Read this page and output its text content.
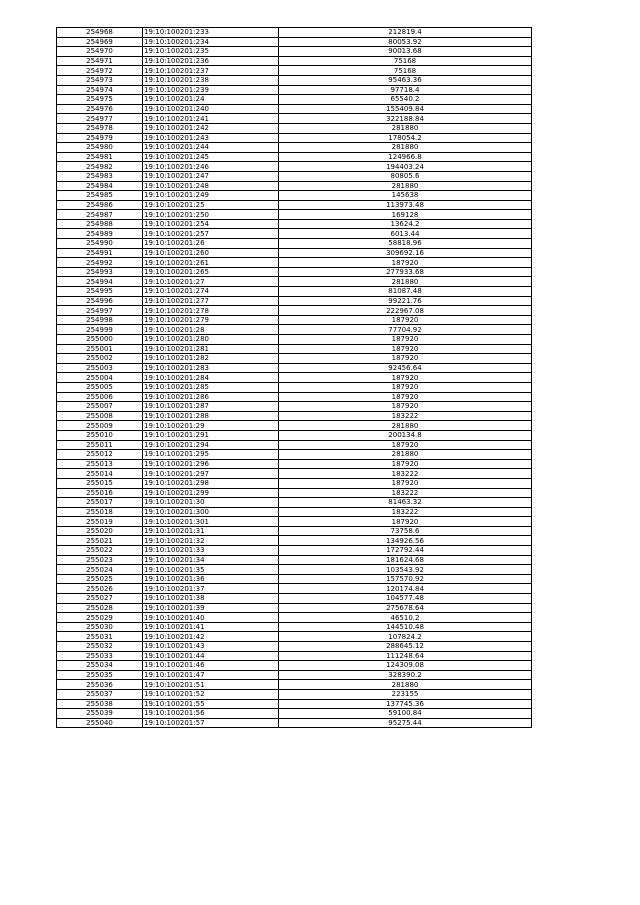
254968	19:10:100201:233	212819.4
254969	19:10:100201:234	80053.92
254970	19:10:100201:235	90013.68
254971	19:10:100201:236	75168
254972	19:10:100201:237	75168
254973	19:10:100201:238	95463.36
254974	19:10:100201:239	97718.4
254975	19:10:100201:24	65540.2
254976	19:10:100201:240	155409.84
254977	19:10:100201:241	322188.84
254978	19:10:100201:242	281880
254979	19:10:100201:243	178054.2
254980	19:10:100201:244	281880
254981	19:10:100201:245	124966.8
254982	19:10:100201:246	194403.24
254983	19:10:100201:247	80805.6
254984	19:10:100201:248	281880
254985	19:10:100201:249	145638
254986	19:10:100201:25	113973.48
254987	19:10:100201:250	169128
254988	19:10:100201:254	13624.2
254989	19:10:100201:257	6013.44
254990	19:10:100201:26	58818.96
254991	19:10:100201:260	309692.16
254992	19:10:100201:261	187920
254993	19:10:100201:265	277933.68
254994	19:10:100201:27	281880
254995	19:10:100201:274	81087.48
254996	19:10:100201:277	99221.76
254997	19:10:100201:278	222967.08
254998	19:10:100201:279	187920
254999	19:10:100201:28	77704.92
255000	19:10:100201:280	187920
255001	19:10:100201:281	187920
255002	19:10:100201:282	187920
255003	19:10:100201:283	92456.64
255004	19:10:100201:284	187920
255005	19:10:100201:285	187920
255006	19:10:100201:286	187920
255007	19:10:100201:287	187920
255008	19:10:100201:288	183222
255009	19:10:100201:29	281880
255010	19:10:100201:291	200134.8
255011	19:10:100201:294	187920
255012	19:10:100201:295	281880
255013	19:10:100201:296	187920
255014	19:10:100201:297	183222
255015	19:10:100201:298	187920
255016	19:10:100201:299	183222
255017	19:10:100201:30	81463.32
255018	19:10:100201:300	183222
255019	19:10:100201:301	187920
255020	19:10:100201:31	73758.6
255021	19:10:100201:32	134926.56
255022	19:10:100201:33	172792.44
255023	19:10:100201:34	181624.68
255024	19:10:100201:35	103543.92
255025	19:10:100201:36	157570.92
255026	19:10:100201:37	120174.84
255027	19:10:100201:38	104577.48
255028	19:10:100201:39	275678.64
255029	19:10:100201:40	46510.2
255030	19:10:100201:41	144510.48
255031	19:10:100201:42	107824.2
255032	19:10:100201:43	288645.12
255033	19:10:100201:44	111248.64
255034	19:10:100201:46	124309.08
255035	19:10:100201:47	328390.2
255036	19:10:100201:51	281880
255037	19:10:100201:52	223155
255038	19:10:100201:55	137745.36
255039	19:10:100201:56	59100.84
255040	19:10:100201:57	95275.44
